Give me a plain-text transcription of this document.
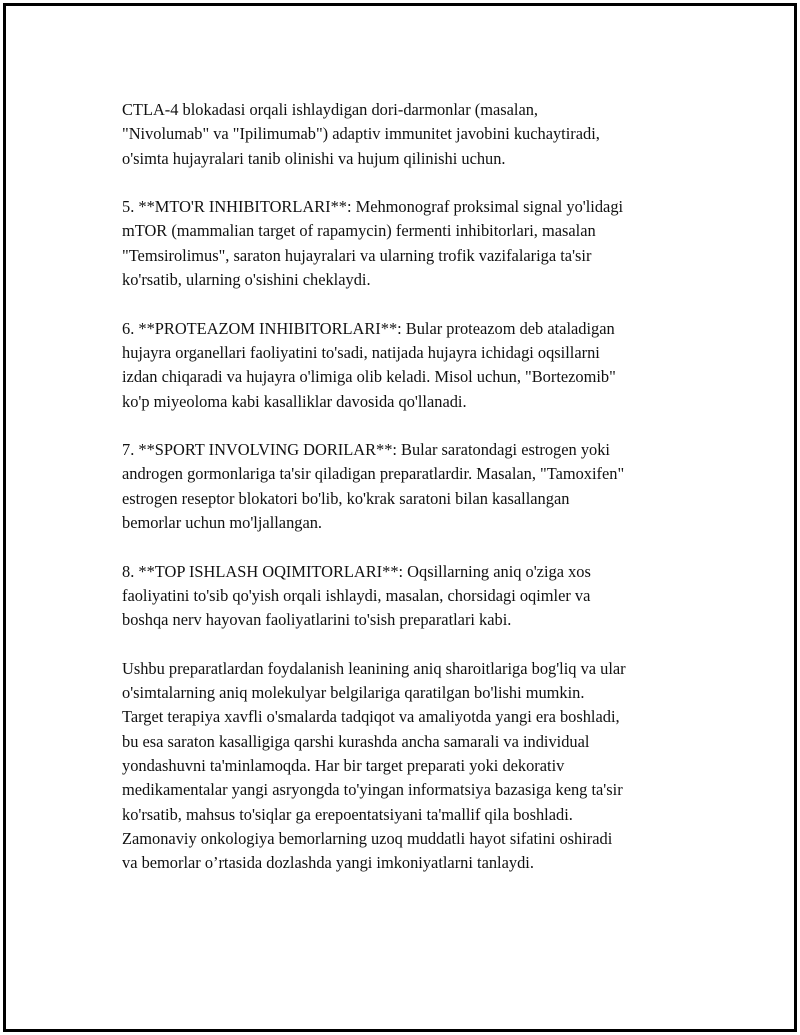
CTLA-4 blokadasi orqali ishlaydigan dori-darmonlar (masalan,
"Nivolumab" va "Ipilimumab") adaptiv immunitet javobini kuchaytiradi,
o'simta hujayralari tanib olinishi va hujum qilinishi uchun.

5. **MTO'R INHIBITORLARI**: Mehmonograf proksimal signal yo'lidagi
mTOR (mammalian target of rapamycin) fermenti inhibitorlari, masalan
"Temsirolimus", saraton hujayralari va ularning trofik vazifalariga ta'sir
ko'rsatib, ularning o'sishini cheklaydi.

6. **PROTEAZOM INHIBITORLARI**: Bular proteazom deb ataladigan
hujayra organellari faoliyatini to'sadi, natijada hujayra ichidagi oqsillarni
izdan chiqaradi va hujayra o'limiga olib keladi. Misol uchun, "Bortezomib"
ko'p miyeoloma kabi kasalliklar davosida qo'llanadi.

7. **SPORT INVOLVING DORILAR**: Bular saratondagi estrogen yoki
androgen gormonlariga ta'sir qiladigan preparatlardir. Masalan, "Tamoxifen"
estrogen reseptor blokatori bo'lib, ko'krak saratoni bilan kasallangan
bemorlar uchun mo'ljallangan.

8. **TOP ISHLASH OQIMITORLARI**: Oqsillarning aniq o'ziga xos
faoliyatini to'sib qo'yish orqali ishlaydi, masalan, chorsidagi oqimler va
boshqa nerv hayovan faoliyatlarini to'sish preparatlari kabi.

Ushbu preparatlardan foydalanish leanining aniq sharoitlariga bog'liq va ular
o'simtalarning aniq molekulyar belgilariga qaratilgan bo'lishi mumkin.
Target terapiya xavfli o'smalarda tadqiqot va amaliyotda yangi era boshladi,
bu esa saraton kasalligiga qarshi kurashda ancha samarali va individual
yondashuvni ta'minlamoqda. Har bir target preparati yoki dekorativ
medikamentalar yangi asryongda to'yingan informatsiya bazasiga keng ta'sir
ko'rsatib, mahsus to'siqlar ga erepoentatsiyani ta'mallif qila boshladi.
Zamonaviy onkologiya bemorlarning uzoq muddatli hayot sifatini oshiradi
va bemorlar o’rtasida dozlashda yangi imkoniyatlarni tanlaydi.
